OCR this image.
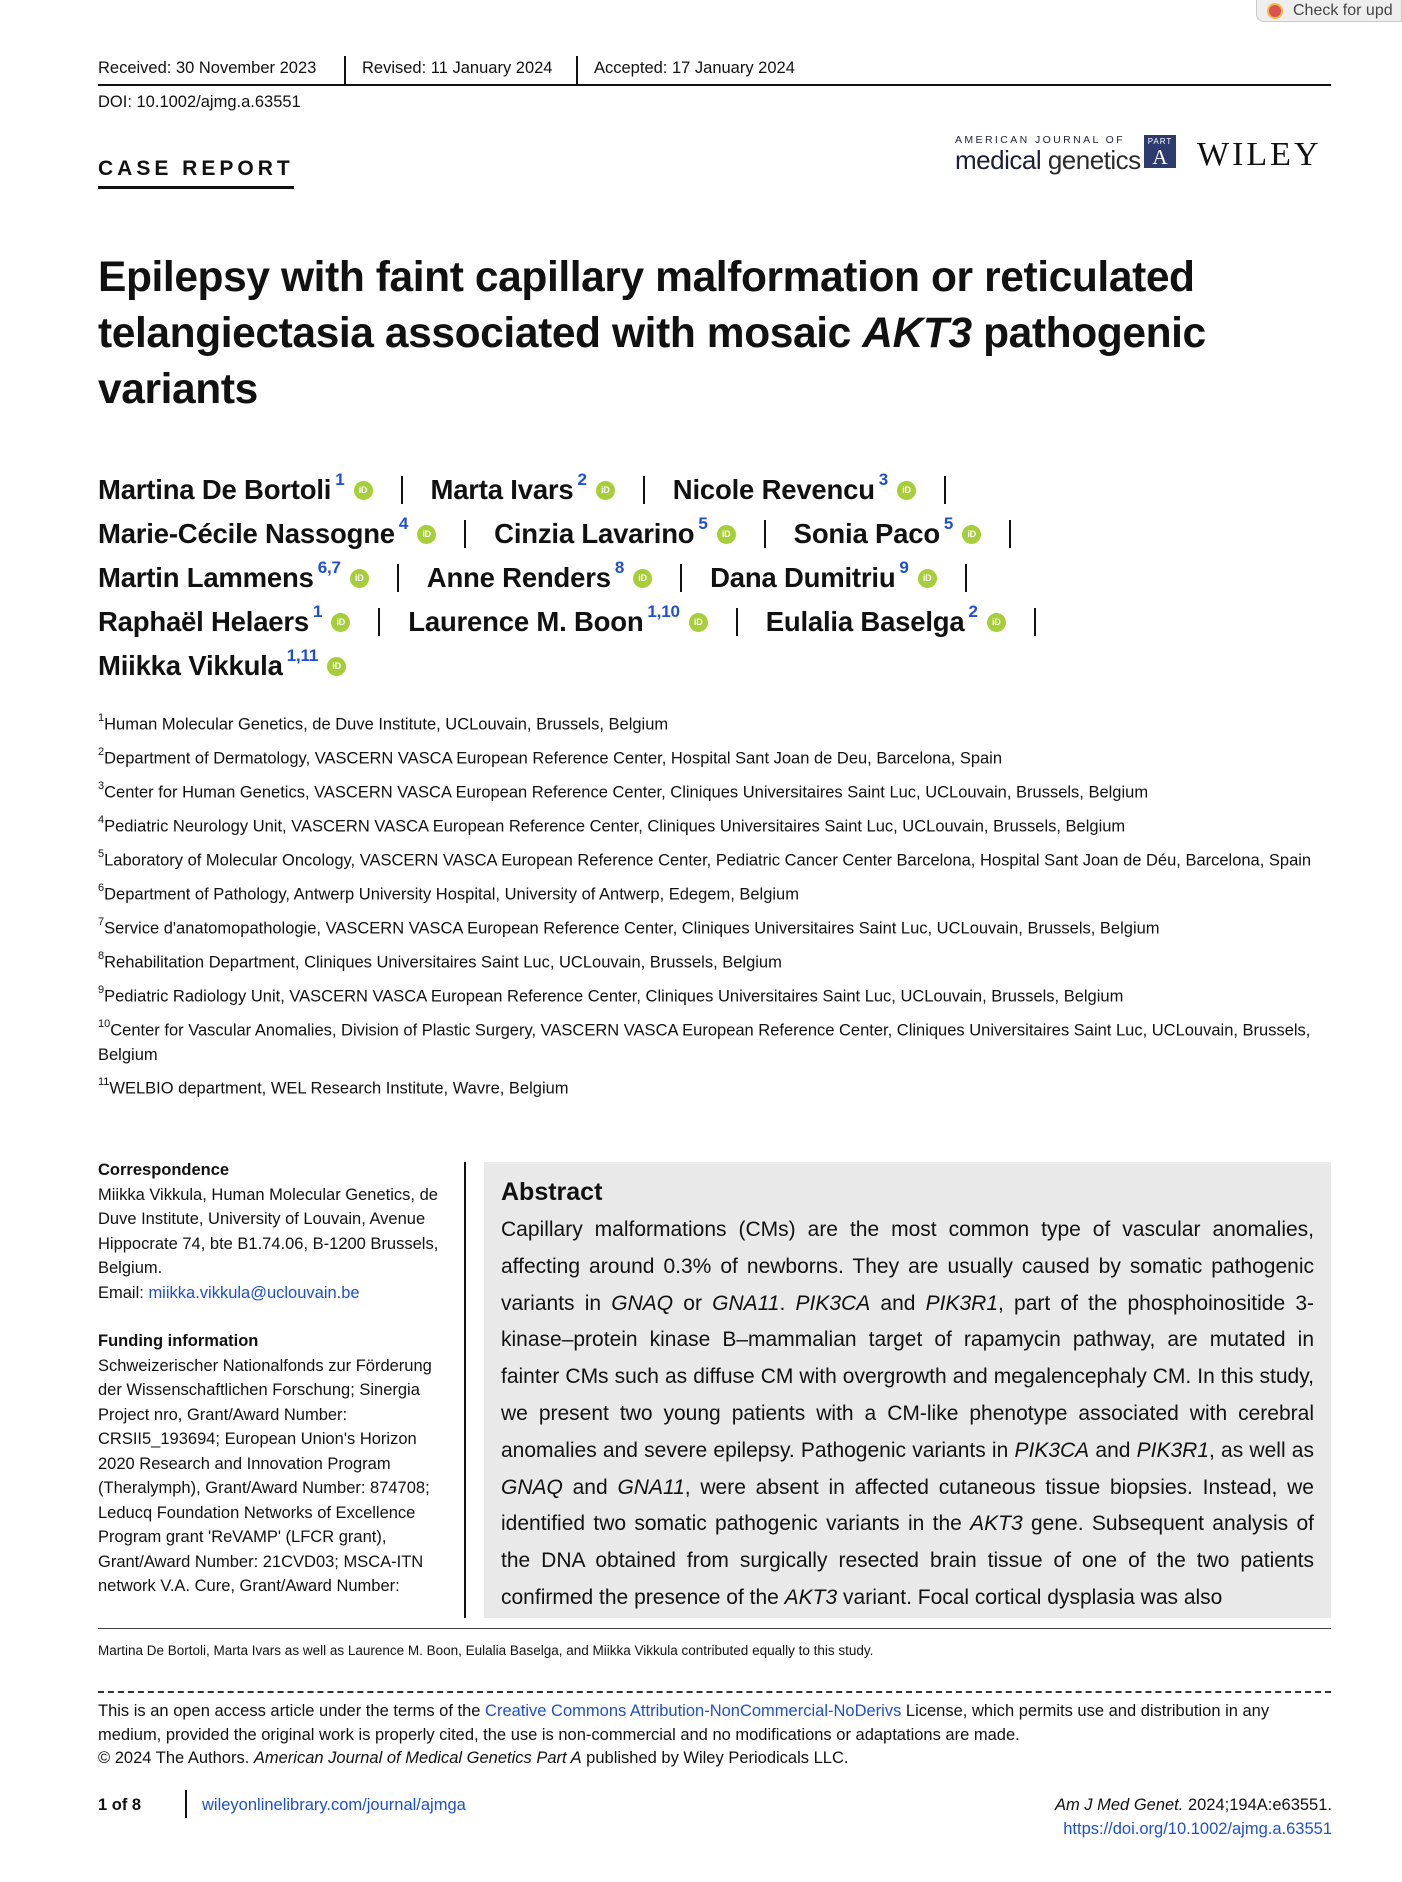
Check for upd
Received: 30 November 2023	Revised: 11 January 2024	Accepted: 17 January 2024
DOI: 10.1002/ajmg.a.63551
CASE REPORT
AMERICAN JOURNAL OF
medical genetics
PART
A WILEY
Epilepsy with faint capillary malformation or reticulated telangiectasia associated with mosaic AKT3 pathogenic variants
Martina De Bortoli$^1$
iD Marta Ivars$^2$
iD Nicole Revencu$^3$
iD
Marie-Cécile Nassogne$^4$
iD Cinzia Lavarino$^5$
iD Sonia Paco$^5$
iD
Martin Lammens$^{6,7}$
iD Anne Renders$^8$
iD Dana Dumitriu$^9$
iD
Raphaël Helaers$^1$
iD Laurence M. Boon$^{1,10}$
iD Eulalia Baselga$^2$
iD
Miikka Vikkula$^{1,11}$
iD
$^1$Human Molecular Genetics, de Duve Institute, UCLouvain, Brussels, Belgium
$^2$Department of Dermatology, VASCERN VASCA European Reference Center, Hospital Sant Joan de Deu, Barcelona, Spain
$^3$Center for Human Genetics, VASCERN VASCA European Reference Center, Cliniques Universitaires Saint Luc, UCLouvain, Brussels, Belgium
$^4$Pediatric Neurology Unit, VASCERN VASCA European Reference Center, Cliniques Universitaires Saint Luc, UCLouvain, Brussels, Belgium
$^5$Laboratory of Molecular Oncology, VASCERN VASCA European Reference Center, Pediatric Cancer Center Barcelona, Hospital Sant Joan de Déu, Barcelona, Spain
$^6$Department of Pathology, Antwerp University Hospital, University of Antwerp, Edegem, Belgium
$^7$Service d'anatomopathologie, VASCERN VASCA European Reference Center, Cliniques Universitaires Saint Luc, UCLouvain, Brussels, Belgium
$^8$Rehabilitation Department, Cliniques Universitaires Saint Luc, UCLouvain, Brussels, Belgium
$^9$Pediatric Radiology Unit, VASCERN VASCA European Reference Center, Cliniques Universitaires Saint Luc, UCLouvain, Brussels, Belgium
$^{10}$Center for Vascular Anomalies, Division of Plastic Surgery, VASCERN VASCA European Reference Center, Cliniques Universitaires Saint Luc, UCLouvain, Brussels, Belgium
$^{11}$WELBIO department, WEL Research Institute, Wavre, Belgium
Correspondence
Miikka Vikkula, Human Molecular Genetics, de Duve Institute, University of Louvain, Avenue Hippocrate 74, bte B1.74.06, B-1200 Brussels, Belgium.
Email: miikka.vikkula@uclouvain.be
Funding information
Schweizerischer Nationalfonds zur Förderung der Wissenschaftlichen Forschung; Sinergia Project nro, Grant/Award Number: CRSII5_193694; European Union's Horizon 2020 Research and Innovation Program (Theralymph), Grant/Award Number: 874708; Leducq Foundation Networks of Excellence Program grant 'ReVAMP' (LFCR grant), Grant/Award Number: 21CVD03; MSCA-ITN network V.A. Cure, Grant/Award Number:
Abstract

Capillary malformations (CMs) are the most common type of vascular anomalies, affecting around 0.3% of newborns. They are usually caused by somatic pathogenic variants in GNAQ or GNA11. PIK3CA and PIK3R1, part of the phosphoinositide 3-kinase–protein kinase B–mammalian target of rapamycin pathway, are mutated in fainter CMs such as diffuse CM with overgrowth and megalencephaly CM. In this study, we present two young patients with a CM-like phenotype associated with cerebral anomalies and severe epilepsy. Pathogenic variants in PIK3CA and PIK3R1, as well as GNAQ and GNA11, were absent in affected cutaneous tissue biopsies. Instead, we identified two somatic pathogenic variants in the AKT3 gene. Subsequent analysis of the DNA obtained from surgically resected brain tissue of one of the two patients confirmed the presence of the AKT3 variant. Focal cortical dysplasia was also

Martina De Bortoli, Marta Ivars as well as Laurence M. Boon, Eulalia Baselga, and Miikka Vikkula contributed equally to this study.
This is an open access article under the terms of the Creative Commons Attribution-NonCommercial-NoDerivs License, which permits use and distribution in any medium, provided the original work is properly cited, the use is non-commercial and no modifications or adaptations are made.
© 2024 The Authors. American Journal of Medical Genetics Part A published by Wiley Periodicals LLC.
1 of 8	wileyonlinelibrary.com/journal/ajmga	Am J Med Genet. 2024;194A:e63551.
https://doi.org/10.1002/ajmg.a.63551
